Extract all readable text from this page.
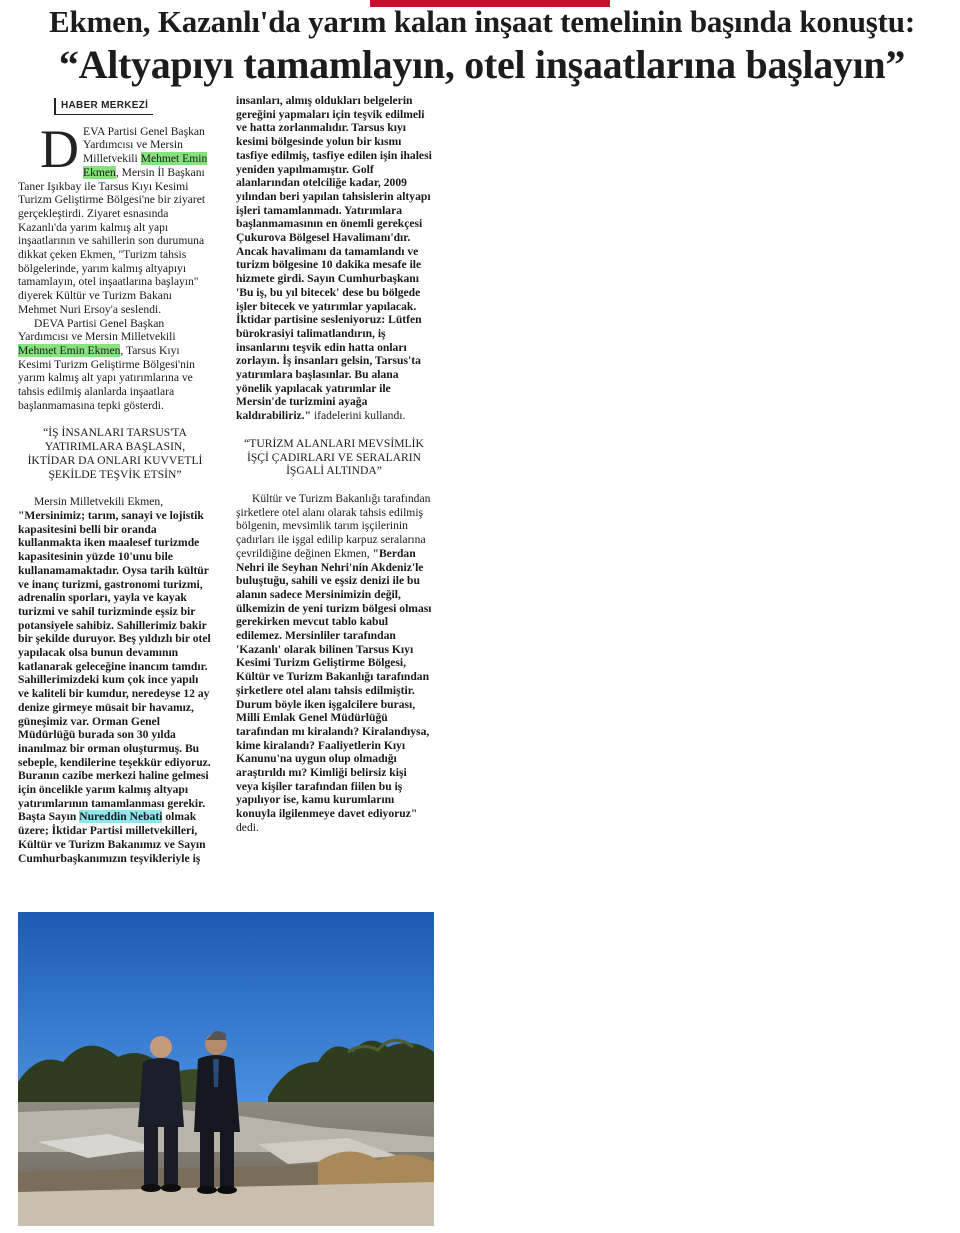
Ekmen, Kazanlı'da yarım kalan inşaat temelinin başında konuştu:
“Altyapıyı tamamlayın, otel inşaatlarına başlayın”
HABER MERKEZİ

DEVA Partisi Genel Başkan Yardımcısı ve Mersin Milletvekili Mehmet Emin Ekmen, Mersin İl Başkanı Taner Işıkbay ile Tarsus Kıyı Kesimi Turizm Geliştirme Bölgesi'ne bir ziyaret gerçekleştirdi. Ziyaret esnasında Kazanlı'da yarım kalmış alt yapı inşaatlarının ve sahillerin son durumuna dikkat çeken Ekmen, "Turizm tahsis bölgelerinde, yarım kalmış altyapıyı tamamlayın, otel inşaatlarına başlayın" diyerek Kültür ve Turizm Bakanı Mehmet Nuri Ersoy'a seslendi.

DEVA Partisi Genel Başkan Yardımcısı ve Mersin Milletvekili Mehmet Emin Ekmen, Tarsus Kıyı Kesimi Turizm Geliştirme Bölgesi'nin yarım kalmış alt yapı yatırımlarına ve tahsis edilmiş alanlarda inşaatlara başlanmamasına tepki gösterdi.

“İŞ İNSANLARI TARSUS'TA YATIRIMLARA BAŞLASIN, İKTİDAR DA ONLARI KUVVETLİ ŞEKİLDE TEŞVİK ETSİN”

Mersin Milletvekili Ekmen,

"Mersinimiz; tarım, sanayi ve lojistik kapasitesini belli bir oranda kullanmakta iken maalesef turizmde kapasitesinin yüzde 10'unu bile kullanamamaktadır. Oysa tarih kültür ve inanç turizmi, gastronomi turizmi, adrenalin sporları, yayla ve kayak turizmi ve sahil turizminde eşsiz bir potansiyele sahibiz. Sahillerimiz bakir bir şekilde duruyor. Beş yıldızlı bir otel yapılacak olsa bunun devamının katlanarak geleceğine inancım tamdır. Sahillerimizdeki kum çok ince yapılı ve kaliteli bir kumdur, neredeyse 12 ay denize girmeye müsait bir havamız, güneşimiz var. Orman Genel Müdürlüğü burada son 30 yılda inanılmaz bir orman oluşturmuş. Bu sebeple, kendilerine teşekkür ediyoruz. Buranın cazibe merkezi haline gelmesi için öncelikle yarım kalmış altyapı yatırımlarının tamamlanması gerekir. Başta Sayın Nureddin Nebati olmak üzere; İktidar Partisi milletvekilleri, Kültür ve Turizm Bakanımız ve Sayın Cumhurbaşkanımızın teşvikleriyle iş

insanları, almış oldukları belgelerin gereğini yapmaları için teşvik edilmeli ve hatta zorlanmalıdır. Tarsus kıyı kesimi bölgesinde yolun bir kısmı tasfiye edilmiş, tasfiye edilen işin ihalesi yeniden yapılmamıştır. Golf alanlarından otelciliğe kadar, 2009 yılından beri yapılan tahsislerin altyapı işleri tamamlanmadı. Yatırımlara başlanmamasının en önemli gerekçesi Çukurova Bölgesel Havalimanı'dır. Ancak havalimanı da tamamlandı ve turizm bölgesine 10 dakika mesafe ile hizmete girdi. Sayın Cumhurbaşkanı 'Bu iş, bu yıl bitecek' dese bu bölgede işler bitecek ve yatırımlar yapılacak. İktidar partisine sesleniyoruz: Lütfen bürokrasiyi talimatlandırın, iş insanlarını teşvik edin hatta onları zorlayın. İş insanları gelsin, Tarsus'ta yatırımlara başlasınlar. Bu alana yönelik yapılacak yatırımlar ile Mersin'de turizmini ayağa kaldırabiliriz." ifadelerini kullandı.

“TURİZM ALANLARI MEVSİMLİK İŞÇİ ÇADIRLARI VE SERALARIN İŞGALİ ALTINDA”

Kültür ve Turizm Bakanlığı tarafından şirketlere otel alanı olarak tahsis edilmiş bölgenin, mevsimlik tarım işçilerinin çadırları ile işgal edilip karpuz seralarına çevrildiğine değinen Ekmen, "Berdan Nehri ile Seyhan Nehri'nin Akdeniz'le buluştuğu, sahili ve eşsiz denizi ile bu alanın sadece Mersinimizin değil, ülkemizin de yeni turizm bölgesi olması gerekirken mevcut tablo kabul edilemez. Mersinliler tarafından 'Kazanlı' olarak bilinen Tarsus Kıyı Kesimi Turizm Geliştirme Bölgesi, Kültür ve Turizm Bakanlığı tarafından şirketlere otel alanı tahsis edilmiştir. Durum böyle iken işgalcilere burası, Milli Emlak Genel Müdürlüğü tarafından mı kiralandı? Kiralandıysa, kime kiralandı? Faaliyetlerin Kıyı Kanunu'na uygun olup olmadığı araştırıldı mı? Kimliği belirsiz kişi veya kişiler tarafından fiilen bu iş yapılıyor ise, kamu kurumlarını konuyla ilgilenmeye davet ediyoruz" dedi.
